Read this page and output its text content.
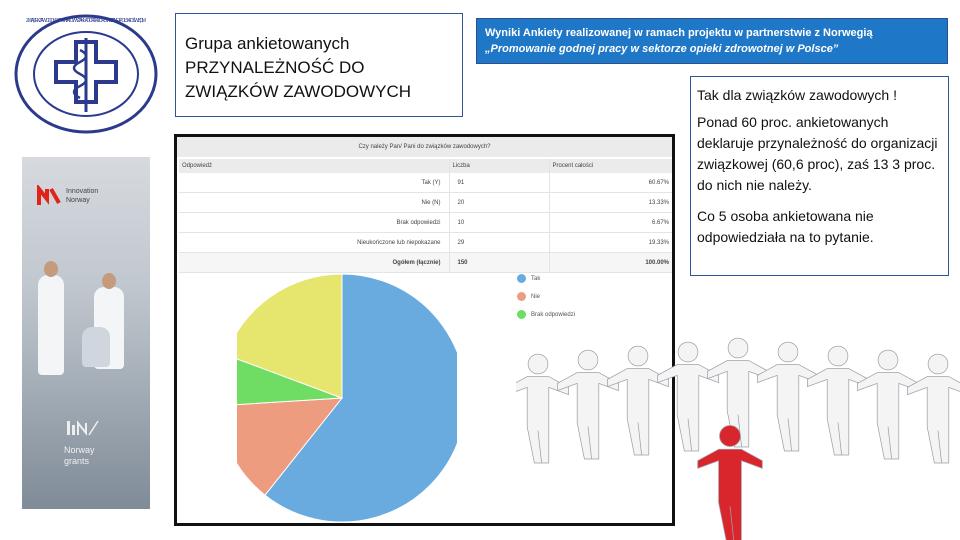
ZWIĄZEK ZAWODOWY • POWIATOWY ZAKŁAD OPIEKI ZDROWOTNEJ • POLSKI • OŚWIĘCIM
Innovation
Norway
Norway
grants
Grupa ankietowanych
PRZYNALEŻNOŚĆ DO
ZWIĄZKÓW ZAWODOWYCH
Wyniki Ankiety realizowanej w ramach projektu w partnerstwie z Norwegią
„Promowanie godnej pracy w sektorze opieki zdrowotnej w Polsce”
Tak dla związków zawodowych !

Ponad 60 proc. ankietowanych deklaruje przynależność do organizacji związkowej (60,6 proc), zaś 13 3 proc. do nich nie należy.

Co 5 osoba ankietowana nie odpowiedziała na to pytanie.

Czy należy Pan/ Pani do związków zawodowych?
Odpowiedź	Liczba	Procent całości
Tak (Y)	91	60.67%
Nie (N)	20	13.33%
Brak odpowiedzi	10	6.67%
Nieukończone lub niepokazane	29	19.33%
Ogółem (łącznie)	150	100.00%
Tak
Nie
Brak odpowiedzi
